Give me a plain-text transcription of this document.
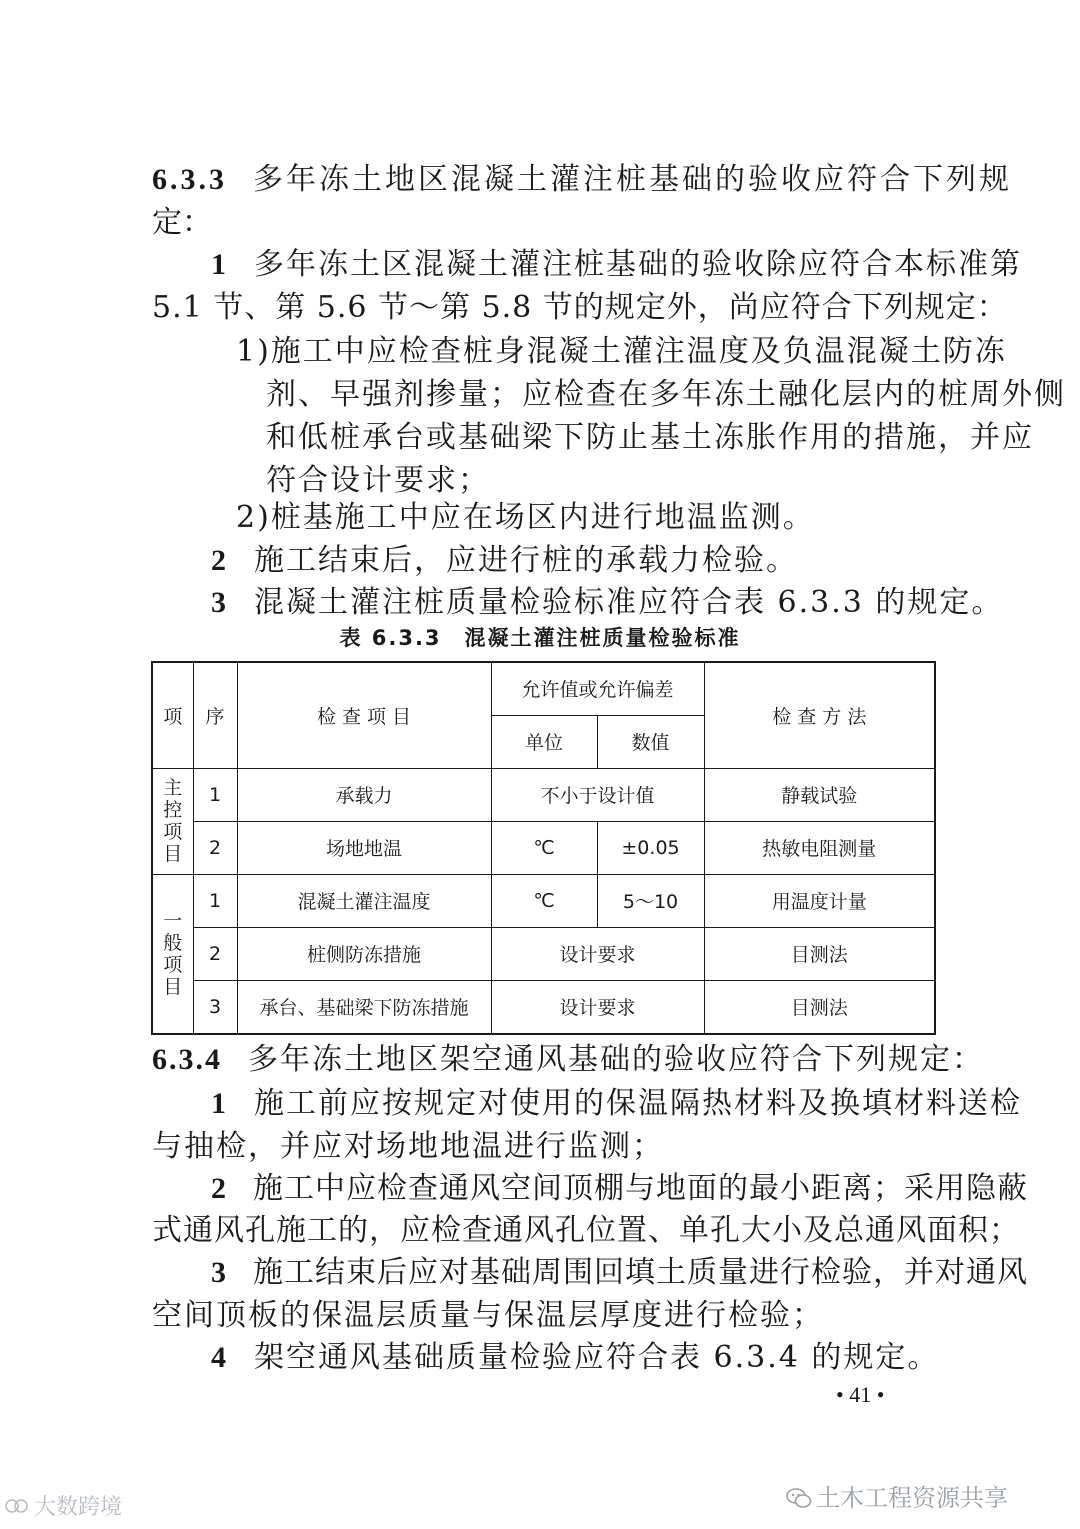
6.3.3 多年冻土地区混凝土灌注桩基础的验收应符合下列规
定：
1 多年冻土区混凝土灌注桩基础的验收除应符合本标准第
5.1 节、第 5.6 节～第 5.8 节的规定外，尚应符合下列规定：
1)施工中应检查桩身混凝土灌注温度及负温混凝土防冻
剂、早强剂掺量；应检查在多年冻土融化层内的桩周外侧
和低桩承台或基础梁下防止基土冻胀作用的措施，并应
符合设计要求；
2)桩基施工中应在场区内进行地温监测。
2 施工结束后，应进行桩的承载力检验。
3 混凝土灌注桩质量检验标准应符合表 6.3.3 的规定。
表 6.3.3　混凝土灌注桩质量检验标准
项	序	检 查 项 目	允许值或允许偏差		检 查 方 法
			单位	数值	
主
控
项
目	1	承载力	不小于设计值		静载试验
	2	场地地温	℃	±0.05	热敏电阻测量
一
般
项
目	1	混凝土灌注温度	℃	5～10	用温度计量
	2	桩侧防冻措施	设计要求		目测法
	3	承台、基础梁下防冻措施	设计要求		目测法
6.3.4 多年冻土地区架空通风基础的验收应符合下列规定：
1 施工前应按规定对使用的保温隔热材料及换填材料送检
与抽检，并应对场地地温进行监测；
2 施工中应检查通风空间顶棚与地面的最小距离；采用隐蔽
式通风孔施工的，应检查通风孔位置、单孔大小及总通风面积；
3 施工结束后应对基础周围回填土质量进行检验，并对通风
空间顶板的保温层质量与保温层厚度进行检验；
4 架空通风基础质量检验应符合表 6.3.4 的规定。
• 41 •
土木工程资源共享
大数跨境
